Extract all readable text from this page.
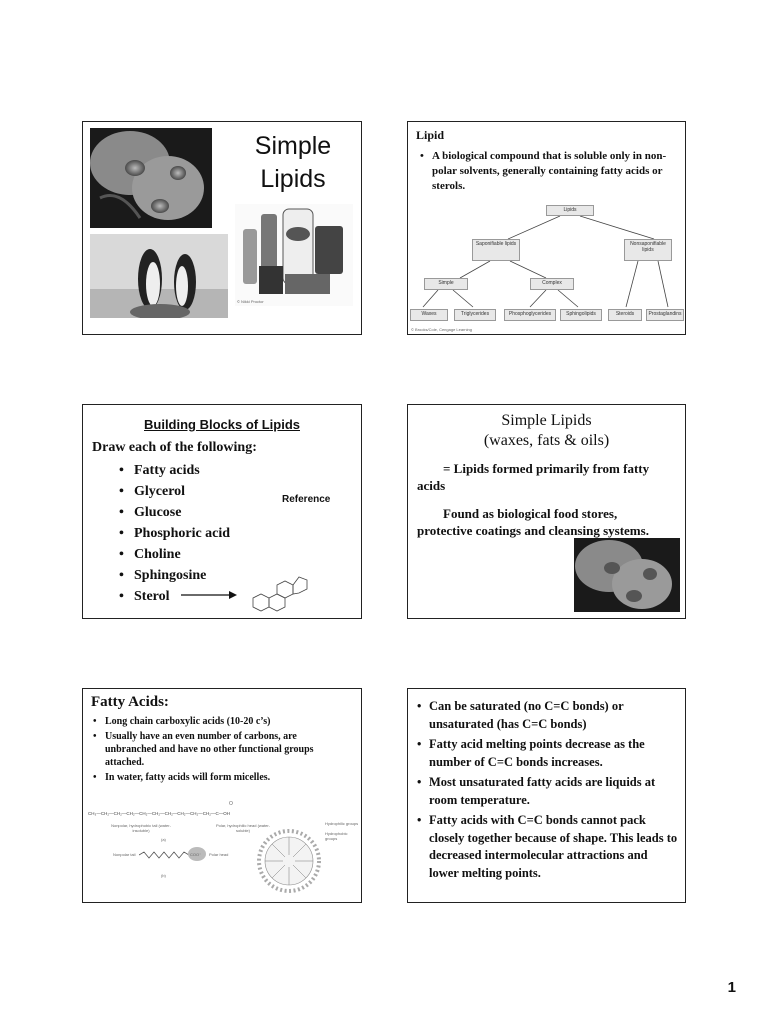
Simple
Lipids
© Nikki Proctor
Lipid
• A biological compound that is soluble only in non-polar solvents, generally containing fatty acids or sterols.
Lipids
Saponifiable lipids	Nonsaponifiable lipids
Simple	Complex
Waxes	Triglycerides	Phosphoglycerides	Sphingolipids	Steroids	Prostaglandins
© Brooks/Cole, Cengage Learning
Building Blocks of Lipids
Draw each of the following:
• Fatty acids
• Glycerol
• Glucose
• Phosphoric acid
• Choline
• Sphingosine
• Sterol
Reference
Simple Lipids
(waxes, fats & oils)
= Lipids formed primarily from fatty acids
Found as biological food stores, protective coatings and cleansing systems.
Fatty Acids:
• Long chain carboxylic acids (10-20 c’s)
• Usually have an even number of carbons, are unbranched and have no other functional groups attached.
• In water, fatty acids will form micelles.
O
CH₃—CH₂—CH₂—CH₂—CH₂—CH₂—CH₂—CH₂—CH₂—CH₂—C—OH
Nonpolar, hydrophobic tail (water-insoluble)
Polar, hydrophilic head (water-soluble)
(a)
Nonpolar tail	COO⁻ Polar head
(b)
Hydrophilic groups
Hydrophobic groups
• Can be saturated (no C=C bonds) or unsaturated (has C=C bonds)
• Fatty acid melting points decrease as the number of C=C bonds increases.
• Most unsaturated fatty acids are liquids at room temperature.
• Fatty acids with C=C bonds cannot pack closely together because of shape. This leads to decreased intermolecular attractions and lower melting points.
1
